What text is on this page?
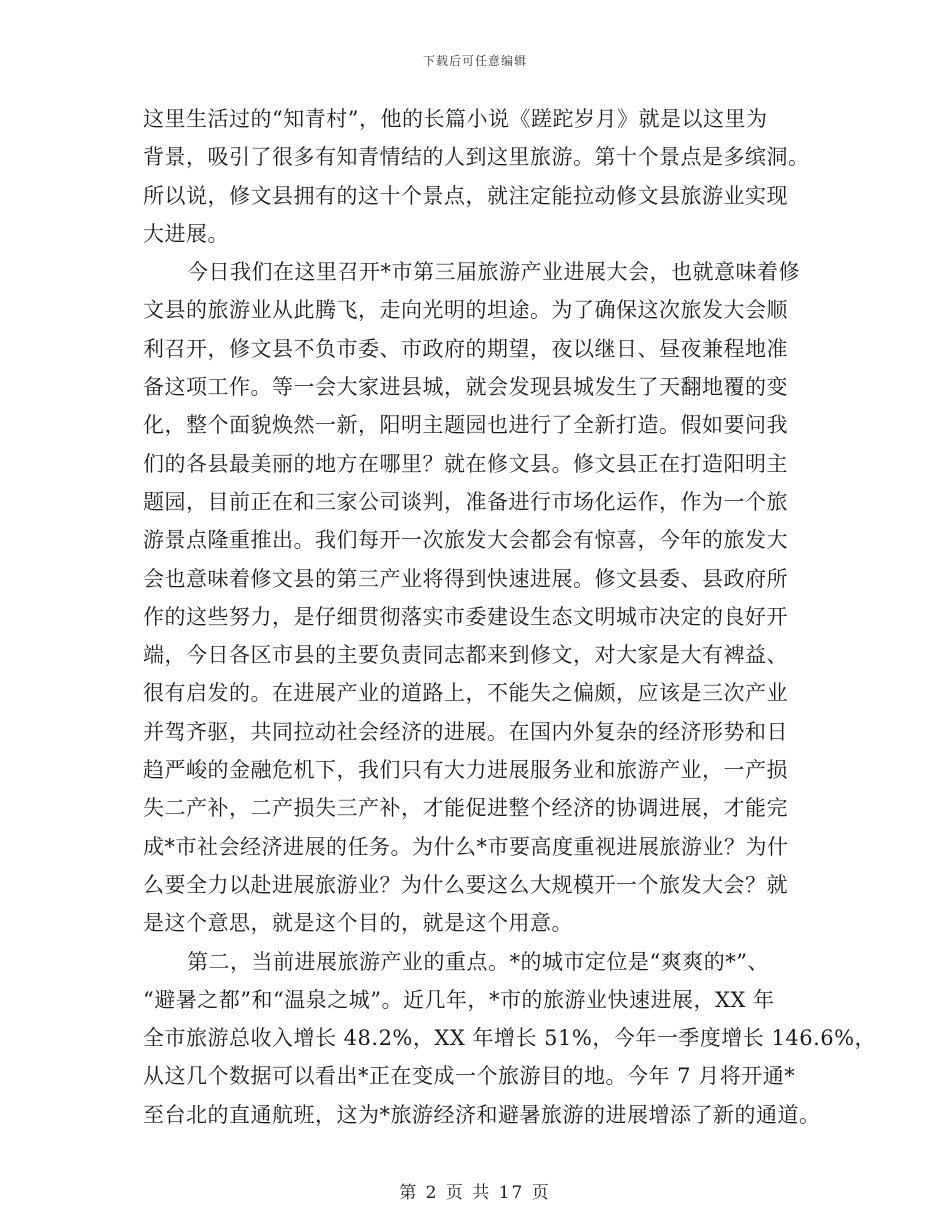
下载后可任意编辑
这里生活过的“知青村”，他的长篇小说《蹉跎岁月》就是以这里为
背景，吸引了很多有知青情结的人到这里旅游。第十个景点是多缤洞。
所以说，修文县拥有的这十个景点，就注定能拉动修文县旅游业实现
大进展。
今日我们在这里召开*市第三届旅游产业进展大会，也就意味着修
文县的旅游业从此腾飞，走向光明的坦途。为了确保这次旅发大会顺
利召开，修文县不负市委、市政府的期望，夜以继日、昼夜兼程地准
备这项工作。等一会大家进县城，就会发现县城发生了天翻地覆的变
化，整个面貌焕然一新，阳明主题园也进行了全新打造。假如要问我
们的各县最美丽的地方在哪里？就在修文县。修文县正在打造阳明主
题园，目前正在和三家公司谈判，准备进行市场化运作，作为一个旅
游景点隆重推出。我们每开一次旅发大会都会有惊喜，今年的旅发大
会也意味着修文县的第三产业将得到快速进展。修文县委、县政府所
作的这些努力，是仔细贯彻落实市委建设生态文明城市决定的良好开
端，今日各区市县的主要负责同志都来到修文，对大家是大有裨益、
很有启发的。在进展产业的道路上，不能失之偏颇，应该是三次产业
并驾齐驱，共同拉动社会经济的进展。在国内外复杂的经济形势和日
趋严峻的金融危机下，我们只有大力进展服务业和旅游产业，一产损
失二产补，二产损失三产补，才能促进整个经济的协调进展，才能完
成*市社会经济进展的任务。为什么*市要高度重视进展旅游业？为什
么要全力以赴进展旅游业？为什么要这么大规模开一个旅发大会？就
是这个意思，就是这个目的，就是这个用意。
第二，当前进展旅游产业的重点。*的城市定位是“爽爽的*”、
“避暑之都”和“温泉之城”。近几年，*市的旅游业快速进展，XX 年
全市旅游总收入增长 48.2%，XX 年增长 51%，今年一季度增长 146.6%，
从这几个数据可以看出*正在变成一个旅游目的地。今年 7 月将开通*
至台北的直通航班，这为*旅游经济和避暑旅游的进展增添了新的通道。
第 2 页 共 17 页
